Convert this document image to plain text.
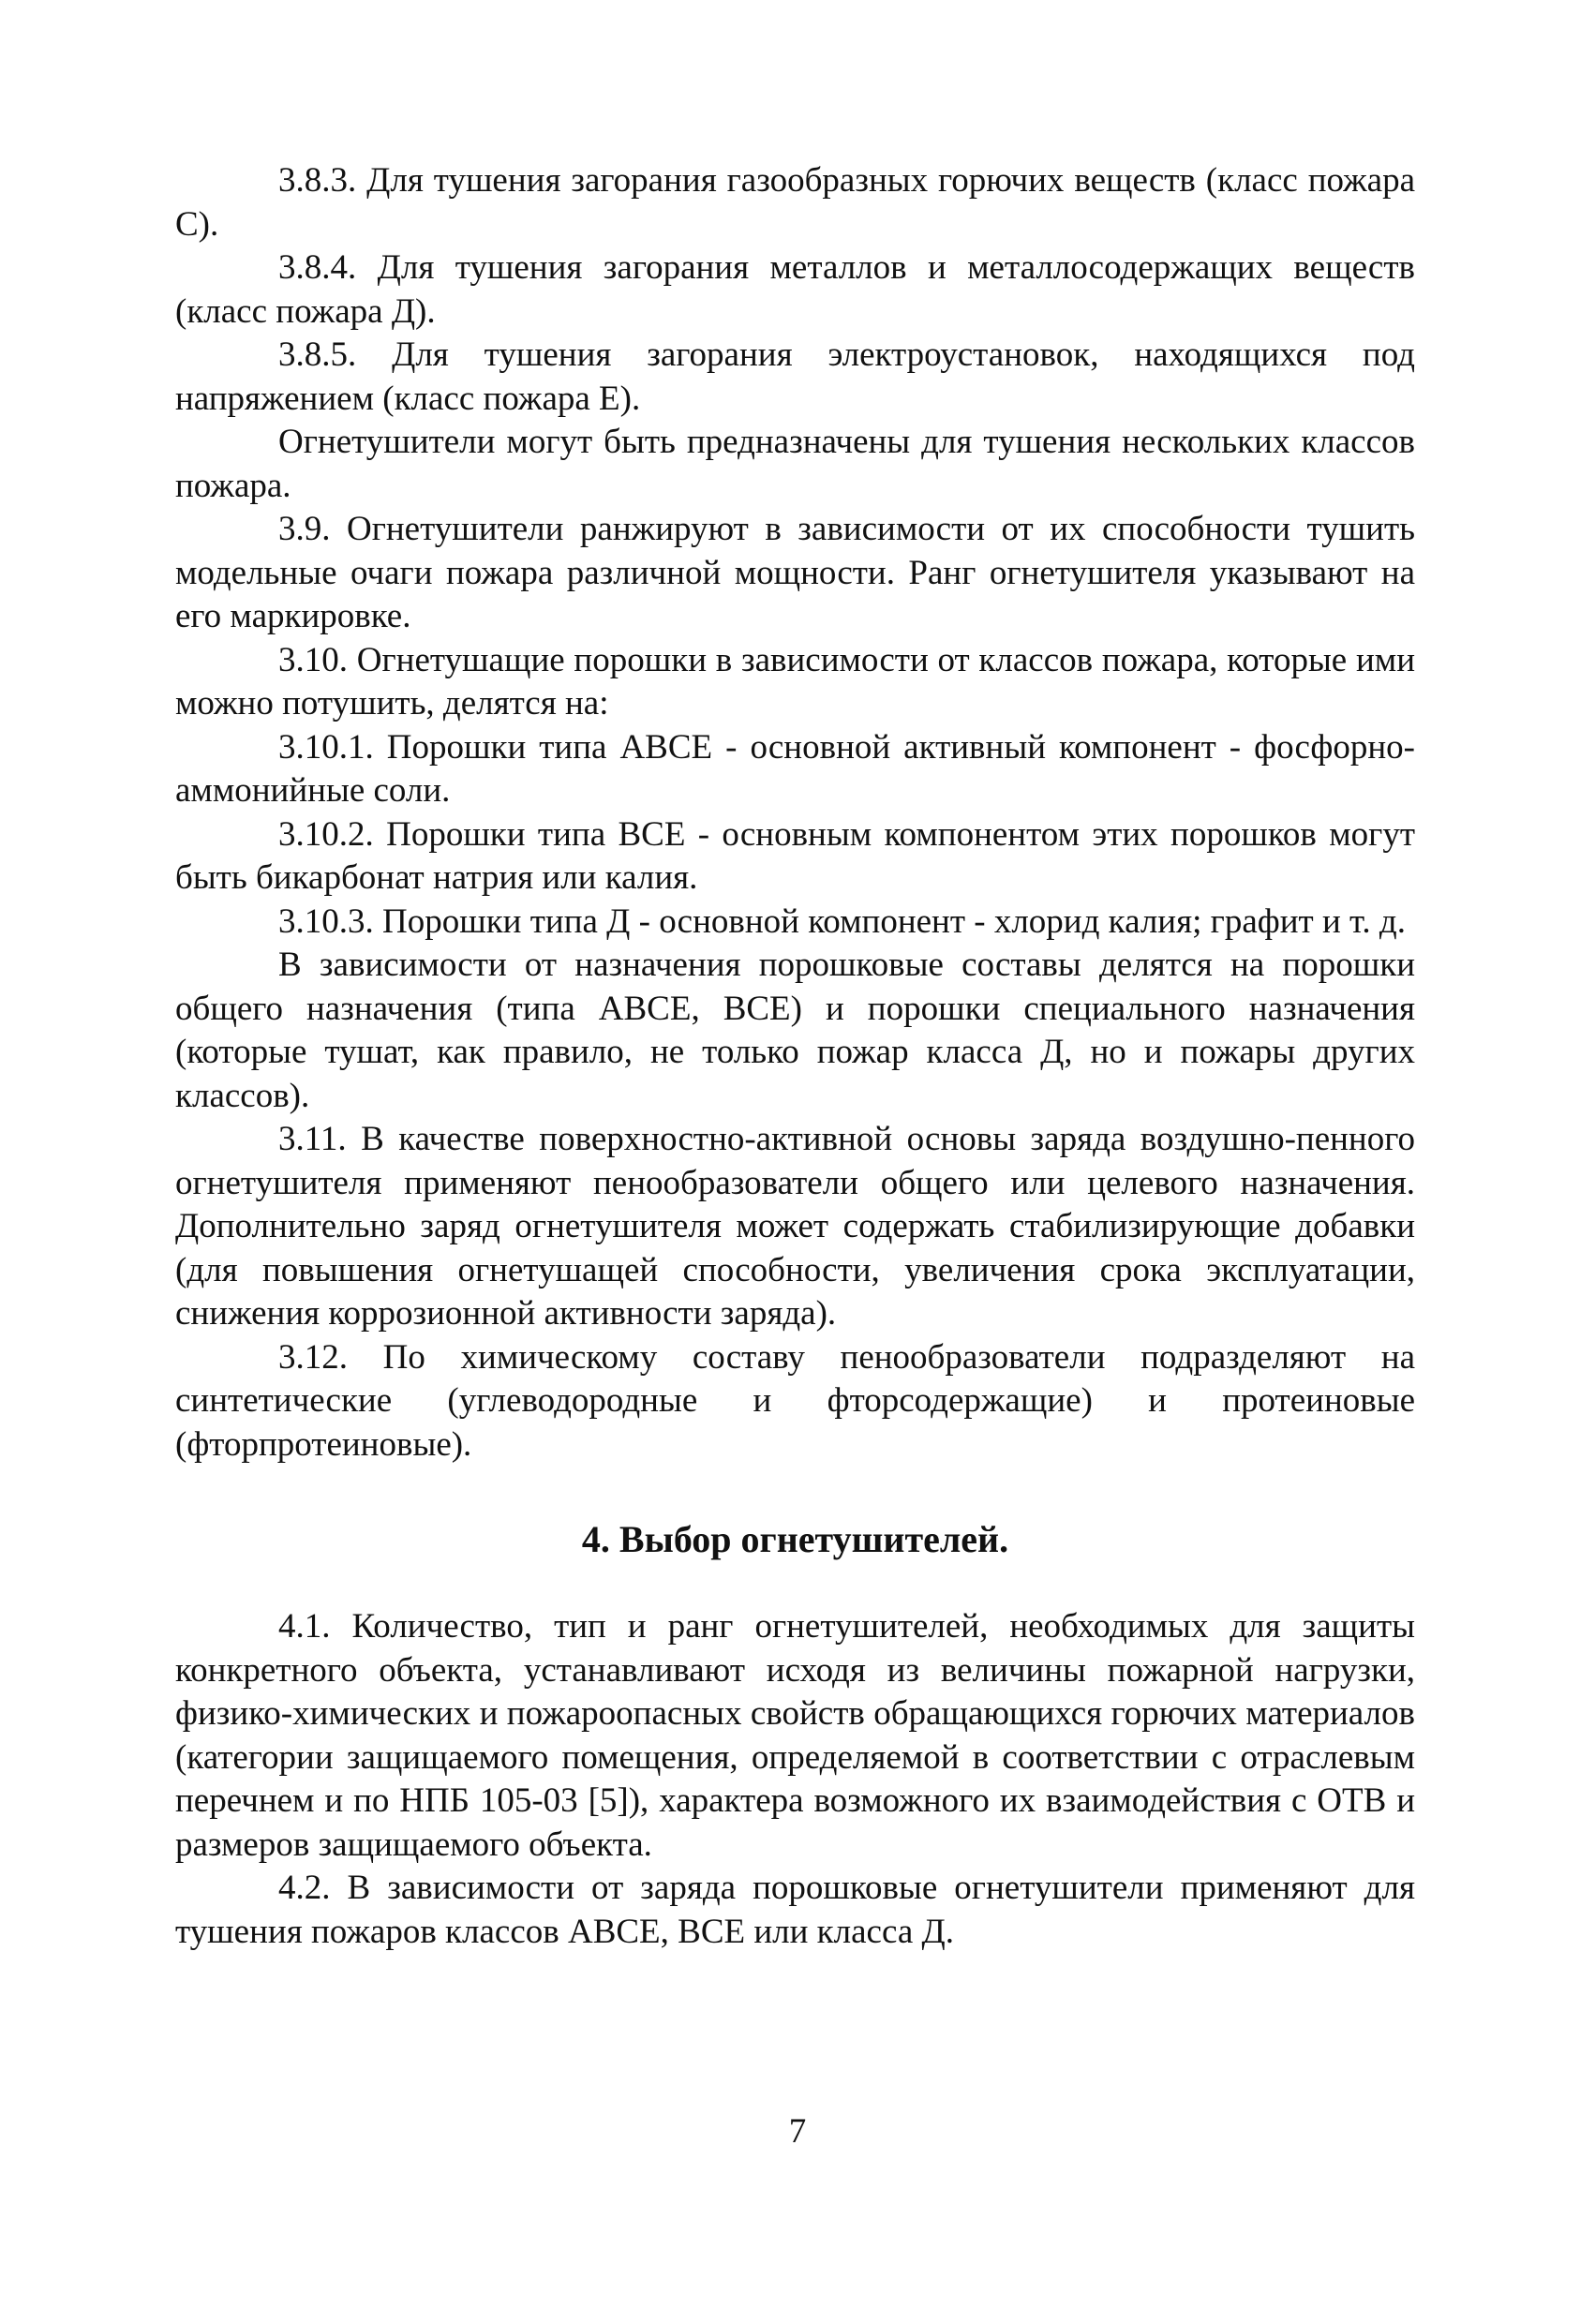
3.8.3. Для тушения загорания газообразных горючих веществ (класс пожара С).

3.8.4. Для тушения загорания металлов и металлосодержащих веществ (класс пожара Д).

3.8.5. Для тушения загорания электроустановок, находящихся под напряжением (класс пожара Е).

Огнетушители могут быть предназначены для тушения нескольких классов пожара.

3.9. Огнетушители ранжируют в зависимости от их способности тушить модельные очаги пожара различной мощности. Ранг огнетушителя указывают на его маркировке.

3.10. Огнетушащие порошки в зависимости от классов пожара, которые ими можно потушить, делятся на:

3.10.1. Порошки типа АВСЕ - основной активный компонент - фосфорно-аммонийные соли.

3.10.2. Порошки типа ВСЕ - основным компонентом этих порошков могут быть бикарбонат натрия или калия.

3.10.3. Порошки типа Д - основной компонент - хлорид калия; графит и т. д.

В зависимости от назначения порошковые составы делятся на порошки общего назначения (типа АВСЕ, ВСЕ) и порошки специального назначения (которые тушат, как правило, не только пожар класса Д, но и пожары других классов).

3.11. В качестве поверхностно-активной основы заряда воздушно-пенного огнетушителя применяют пенообразователи общего или целевого назначения. Дополнительно заряд огнетушителя может содержать стабилизирующие добавки (для повышения огнетушащей способности, увеличения срока эксплуатации, снижения коррозионной активности заряда).

3.12. По химическому составу пенообразователи подразделяют на синтетические (углеводородные и фторсодержащие) и протеиновые (фторпротеиновые).

4. Выбор огнетушителей.

4.1. Количество, тип и ранг огнетушителей, необходимых для защиты конкретного объекта, устанавливают исходя из величины пожарной нагрузки, физико-химических и пожароопасных свойств обращающихся горючих материалов (категории защищаемого помещения, определяемой в соответствии с отраслевым перечнем и по НПБ 105-03 [5]), характера возможного их взаимодействия с ОТВ и размеров защищаемого объекта.

4.2. В зависимости от заряда порошковые огнетушители применяют для тушения пожаров классов АВСЕ, ВСЕ или класса Д.

7
